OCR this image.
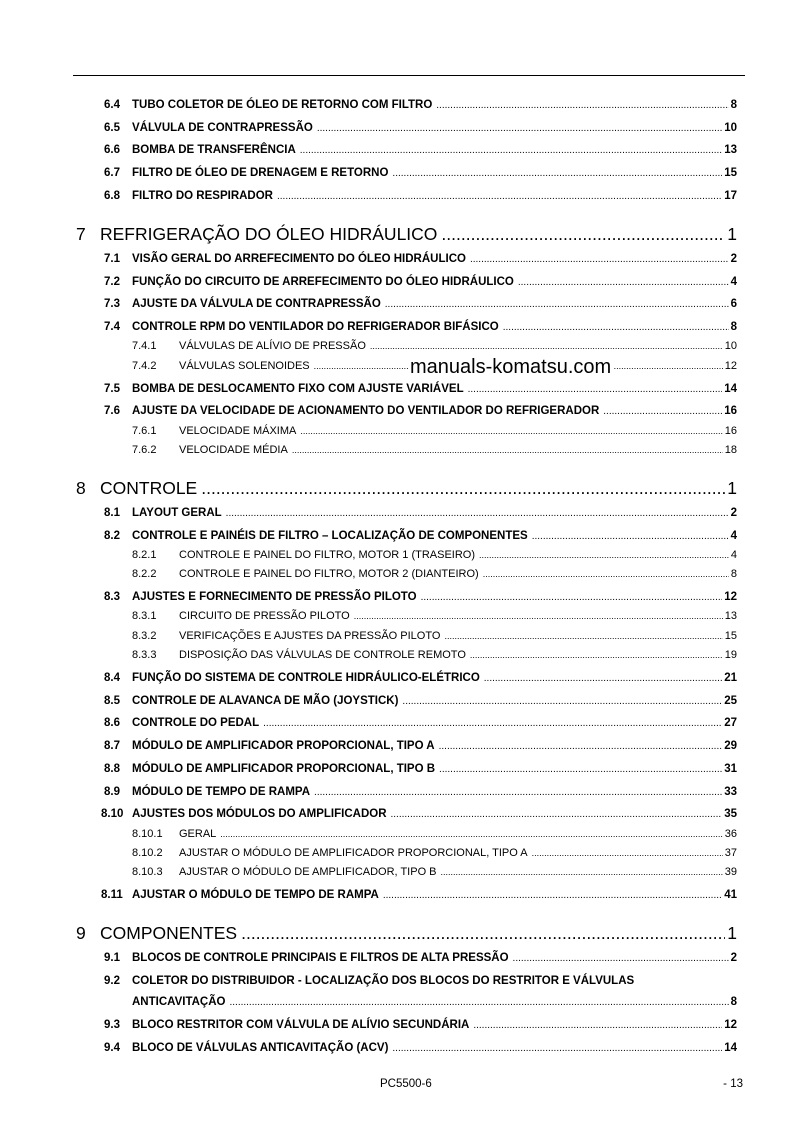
6.4 TUBO COLETOR DE ÓLEO DE RETORNO COM FILTRO .....	8
6.5 VÁLVULA DE CONTRAPRESSÃO .....	10
6.6 BOMBA DE TRANSFERÊNCIA .....	13
6.7 FILTRO DE ÓLEO DE DRENAGEM E RETORNO .....	15
6.8 FILTRO DO RESPIRADOR .....	17
7 REFRIGERAÇÃO DO ÓLEO HIDRÁULICO .....	1
7.1 VISÃO GERAL DO ARREFECIMENTO DO ÓLEO HIDRÁULICO .....	2
7.2 FUNÇÃO DO CIRCUITO DE ARREFECIMENTO DO ÓLEO HIDRÁULICO .....	4
7.3 AJUSTE DA VÁLVULA DE CONTRAPRESSÃO .....	6
7.4 CONTROLE RPM DO VENTILADOR DO REFRIGERADOR BIFÁSICO .....	8
7.4.1 VÁLVULAS DE ALÍVIO DE PRESSÃO .....	10
7.4.2 VÁLVULAS SOLENOIDES .....	12
7.5 BOMBA DE DESLOCAMENTO FIXO COM AJUSTE VARIÁVEL .....	14
7.6 AJUSTE DA VELOCIDADE DE ACIONAMENTO DO VENTILADOR DO REFRIGERADOR .....	16
7.6.1 VELOCIDADE MÁXIMA .....	16
7.6.2 VELOCIDADE MÉDIA .....	18
8 CONTROLE .....	1
8.1 LAYOUT GERAL .....	2
8.2 CONTROLE E PAINÉIS DE FILTRO – LOCALIZAÇÃO DE COMPONENTES .....	4
8.2.1 CONTROLE E PAINEL DO FILTRO, MOTOR 1 (TRASEIRO) .....	4
8.2.2 CONTROLE E PAINEL DO FILTRO, MOTOR 2 (DIANTEIRO) .....	8
8.3 AJUSTES E FORNECIMENTO DE PRESSÃO PILOTO .....	12
8.3.1 CIRCUITO DE PRESSÃO PILOTO .....	13
8.3.2 VERIFICAÇÕES E AJUSTES DA PRESSÃO PILOTO .....	15
8.3.3 DISPOSIÇÃO DAS VÁLVULAS DE CONTROLE REMOTO .....	19
8.4 FUNÇÃO DO SISTEMA DE CONTROLE HIDRÁULICO-ELÉTRICO .....	21
8.5 CONTROLE DE ALAVANCA DE MÃO (JOYSTICK) .....	25
8.6 CONTROLE DO PEDAL .....	27
8.7 MÓDULO DE AMPLIFICADOR PROPORCIONAL, TIPO A .....	29
8.8 MÓDULO DE AMPLIFICADOR PROPORCIONAL, TIPO B .....	31
8.9 MÓDULO DE TEMPO DE RAMPA .....	33
8.10 AJUSTES DOS MÓDULOS DO AMPLIFICADOR .....	35
8.10.1 GERAL .....	36
8.10.2 AJUSTAR O MÓDULO DE AMPLIFICADOR PROPORCIONAL, TIPO A .....	37
8.10.3 AJUSTAR O MÓDULO DE AMPLIFICADOR, TIPO B .....	39
8.11 AJUSTAR O MÓDULO DE TEMPO DE RAMPA .....	41
9 COMPONENTES .....	1
9.1 BLOCOS DE CONTROLE PRINCIPAIS E FILTROS DE ALTA PRESSÃO .....	2
9.2 COLETOR DO DISTRIBUIDOR - LOCALIZAÇÃO DOS BLOCOS DO RESTRITOR E VÁLVULAS
ANTICAVITAÇÃO .....	8
9.3 BLOCO RESTRITOR COM VÁLVULA DE ALÍVIO SECUNDÁRIA .....	12
9.4 BLOCO DE VÁLVULAS ANTICAVITAÇÃO (ACV) .....	14
manuals-komatsu.com
PC5500-6	- 13
